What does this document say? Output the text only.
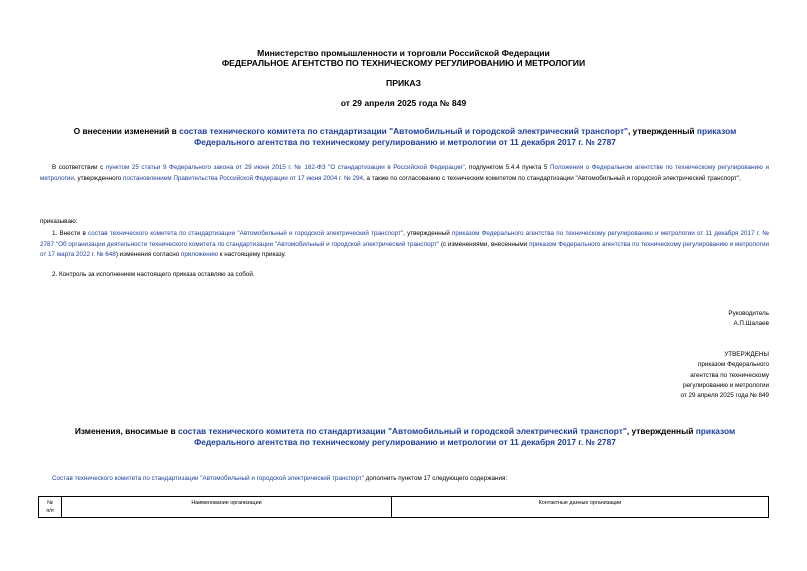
Министерство промышленности и торговли Российской Федерации
ФЕДЕРАЛЬНОЕ АГЕНТСТВО ПО ТЕХНИЧЕСКОМУ РЕГУЛИРОВАНИЮ И МЕТРОЛОГИИ
ПРИКАЗ
от 29 апреля 2025 года № 849
О внесении изменений в состав технического комитета по стандартизации "Автомобильный и городской электрический транспорт", утвержденный приказом Федерального агентства по техническому регулированию и метрологии от 11 декабря 2017 г. № 2787
В соответствии с пунктом 25 статьи 9 Федерального закона от 29 июня 2015 г. № 162-ФЗ "О стандартизации в Российской Федерации", подпунктом 5.4.4 пункта 5 Положения о Федеральном агентстве по техническому регулированию и метрологии, утвержденного постановлением Правительства Российской Федерации от 17 июня 2004 г. № 294, а также по согласованию с техническим комитетом по стандартизации "Автомобильный и городской электрический транспорт",
приказываю:
1. Внести в состав технического комитета по стандартизации "Автомобильный и городской электрический транспорт", утвержденный приказом Федерального агентства по техническому регулированию и метрологии от 11 декабря 2017 г. № 2787 "Об организации деятельности технического комитета по стандартизации "Автомобильный и городской электрический транспорт" (с изменениями, внесенными приказом Федерального агентства по техническому регулированию и метрологии от 17 марта 2022 г. № 648) изменения согласно приложению к настоящему приказу.
2. Контроль за исполнением настоящего приказа оставляю за собой.
Руководитель
А.П.Шалаев
УТВЕРЖДЕНЫ
приказом Федерального
агентства по техническому
регулированию и метрологии
от 29 апреля 2025 года № 849
Изменения, вносимые в состав технического комитета по стандартизации "Автомобильный и городской электрический транспорт", утвержденный приказом Федерального агентства по техническому регулированию и метрологии от 11 декабря 2017 г. № 2787
Состав технического комитета по стандартизации "Автомобильный и городской электрический транспорт" дополнить пунктом 17 следующего содержания:
№
п/п
	Наименование организации	Контактные данные организации
